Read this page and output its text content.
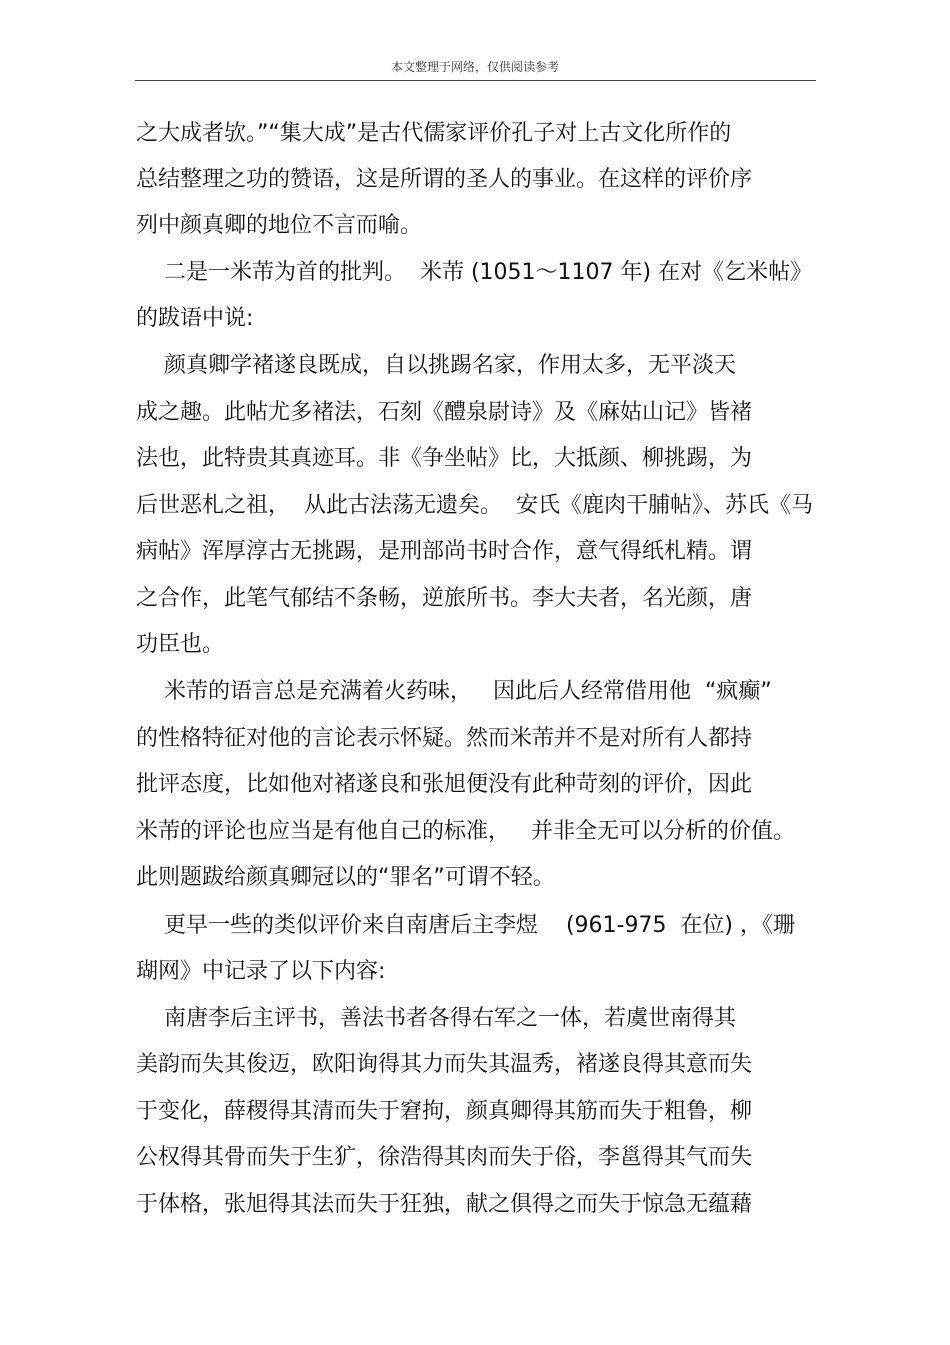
本文整理于网络，仅供阅读参考
之大成者欤。”“集大成”是古代儒家评价孔子对上古文化所作的
总结整理之功的赞语，这是所谓的圣人的事业。在这样的评价序
列中颜真卿的地位不言而喻。
二是一米芾为首的批判。  米芾 (1051～1107 年) 在对《乞米帖》
的跋语中说:
颜真卿学褚遂良既成，自以挑踢名家，作用太多，无平淡天
成之趣。此帖尤多褚法，石刻《醴泉尉诗》及《麻姑山记》皆褚
法也，此特贵其真迹耳。非《争坐帖》比，大抵颜、柳挑踢，为
后世恶札之祖，  从此古法荡无遗矣。  安氏《鹿肉干脯帖》、苏氏《马
病帖》浑厚淳古无挑踢，是刑部尚书时合作，意气得纸札精。谓
之合作，此笔气郁结不条畅，逆旅所书。李大夫者，名光颜，唐
功臣也。
米芾的语言总是充满着火药味，   因此后人经常借用他  “疯癫”
的性格特征对他的言论表示怀疑。然而米芾并不是对所有人都持
批评态度，比如他对褚遂良和张旭便没有此种苛刻的评价，因此
米芾的评论也应当是有他自己的标准，   并非全无可以分析的价值。
此则题跋给颜真卿冠以的“罪名”可谓不轻。
更早一些的类似评价来自南唐后主李煜    (961-975  在位) ，《珊
瑚网》中记录了以下内容:
南唐李后主评书，善法书者各得右军之一体，若虞世南得其
美韵而失其俊迈，欧阳询得其力而失其温秀，褚遂良得其意而失
于变化，薛稷得其清而失于窘拘，颜真卿得其筋而失于粗鲁，柳
公权得其骨而失于生犷，徐浩得其肉而失于俗，李邕得其气而失
于体格，张旭得其法而失于狂独，献之俱得之而失于惊急无蕴藉
